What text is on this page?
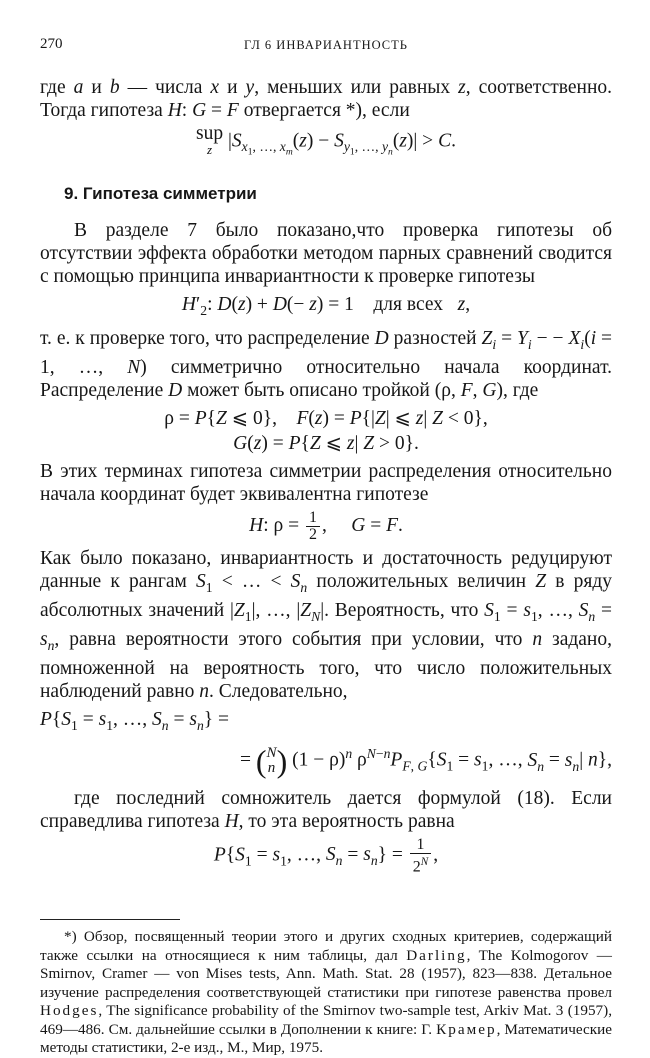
270	ГЛ 6 ИНВАРИАНТНОСТЬ

где a и b — числа x и y, меньших или равных z, соответственно. Тогда гипотеза H: G = F отвергается *), если

sup
z $|S_{x_1, \dots, x_m}(z) - S_{y_1, \dots, y_n}(z)| > C$.
9. Гипотеза симметрии

В разделе 7 было показано,что проверка гипотезы об отсутствии эффекта обработки методом парных сравнений сводится с помощью принципа инвариантности к проверке гипотезы

$H'_2$: D(z) + D(− z) = 1    для всех   z,

т. е. к проверке того, что распределение D разностей $Z_i = Y_i$ − − $X_i(i = 1$, …, N) симметрично относительно начала координат. Распределение D может быть описано тройкой (ρ, F, G), где

ρ = P{Z ⩽ 0},    F(z) = P{|Z| ⩽ z| Z < 0},
G(z) = P{Z ⩽ z| Z > 0}.

В этих терминах гипотеза симметрии распределения относительно начала координат будет эквивалентна гипотезе

H: $\rho = \frac{1}{2}$ ,     G = F.

Как было показано, инвариантность и достаточность редуцируют данные к рангам $S_1$ < … < $S_n$ положительных величин Z в ряду абсолютных значений $|Z_1|$, …, $|Z_N|$. Вероятность, что $S_1 = s_1$, …, $S_n = s_n$, равна вероятности этого события при условии, что n задано, помноженной на вероятность того, что число положительных наблюдений равно n. Следовательно,

$P\{S_1 = s_1$, …, $S_n = s_n$} =
= ( N
n ) $(1 - \rho)^n$ $\rho^{N-n}P_{F, G}\{S_1 = s_1$, …, $S_n = s_n|$ n},

где последний сомножитель дается формулой (18). Если справедлива гипотеза H, то эта вероятность равна

$P\{S_1 = s_1$, …, $S_n = s_n\} = \frac{1}{2^N}$ ,

*) Обзор, посвященный теории этого и других сходных критериев, содержащий также ссылки на относящиеся к ним таблицы, дал Darling, The Kolmogorov — Smirnov, Cramer — von Mises tests, Ann. Math. Stat. 28 (1957), 823—838. Детальное изучение распределения соответствующей статистики при гипотезе равенства провел Hodges, The significance probability of the Smirnov two-sample test, Arkiv Mat. 3 (1957), 469—486. См. дальнейшие ссылки в Дополнении к книге: Г. Крамер, Математические методы статистики, 2-е изд., М., Мир, 1975.
